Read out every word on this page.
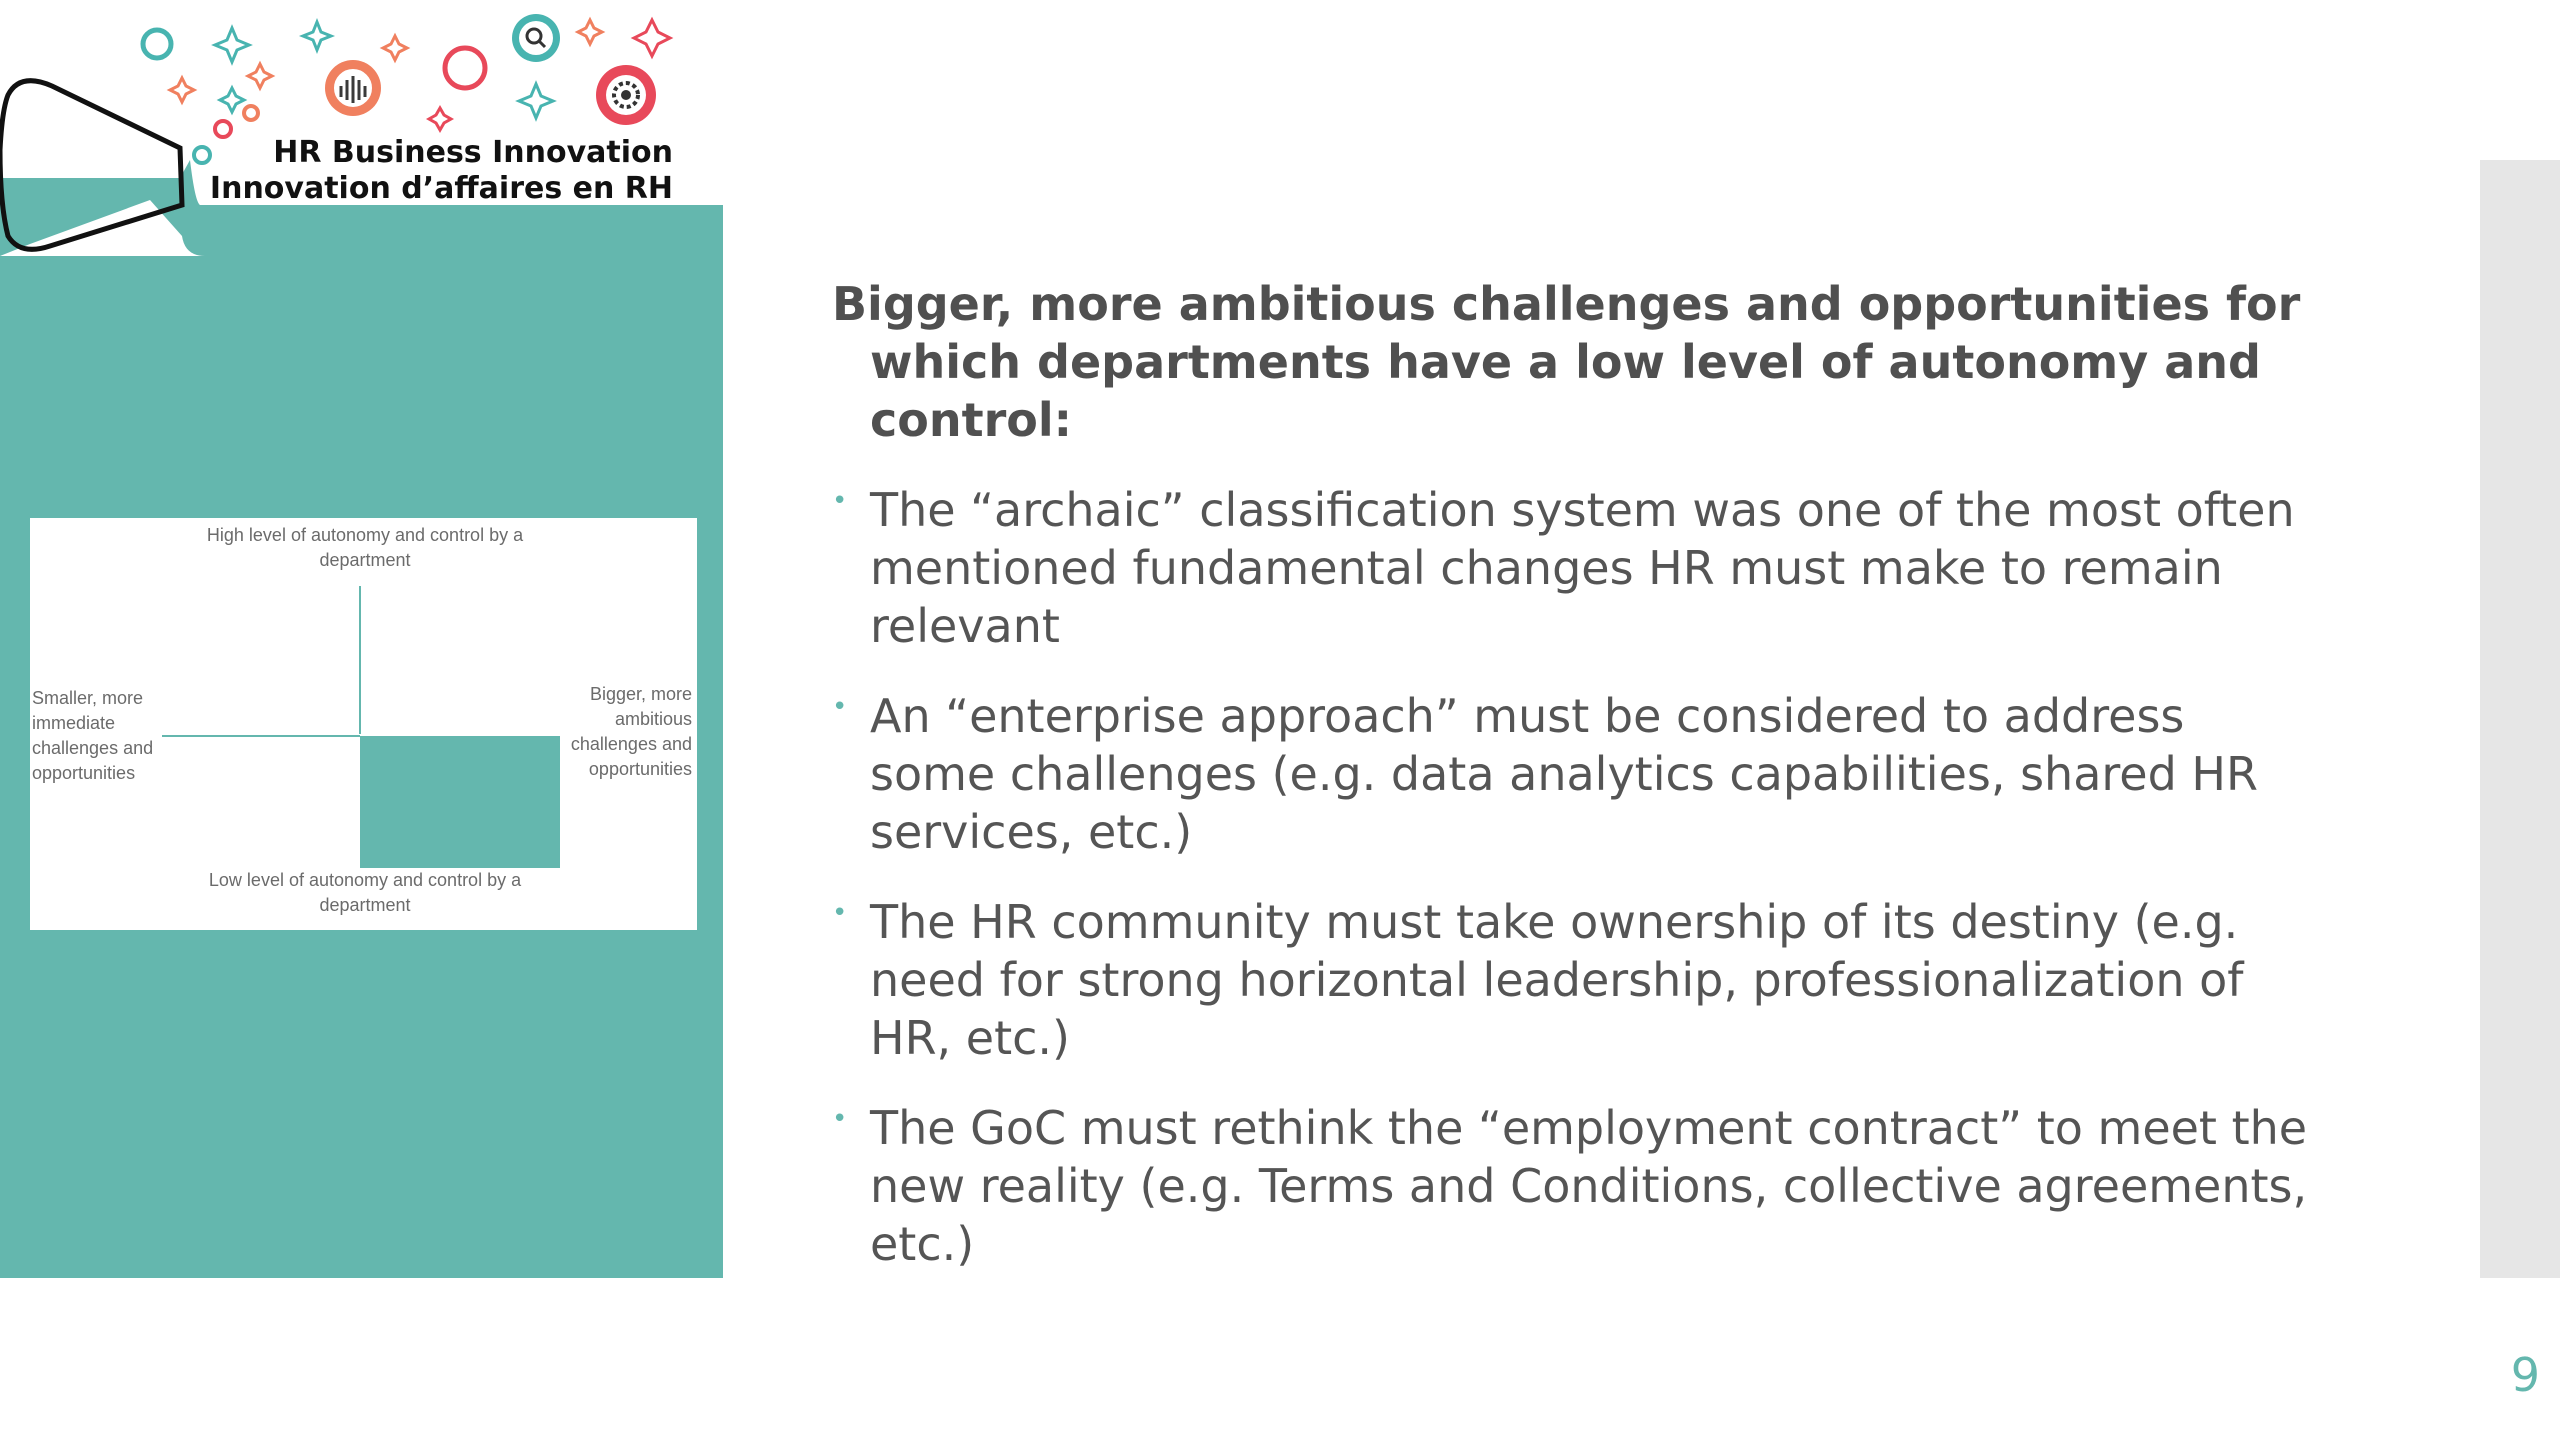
HR Business Innovation
Innovation d’affaires en RH
High level of autonomy and control by a department
Low level of autonomy and control by a department
Smaller, more immediate challenges and opportunities
Bigger, more ambitious challenges and opportunities

Bigger, more ambitious challenges and opportunities for which departments have a low level of autonomy and control:

• The “archaic” classification system was one of the most often mentioned fundamental changes HR must make to remain relevant
• An “enterprise approach” must be considered to address some challenges (e.g. data analytics capabilities, shared HR services, etc.)
• The HR community must take ownership of its destiny (e.g. need for strong horizontal leadership, professionalization of HR, etc.)
• The GoC must rethink the “employment contract” to meet the new reality (e.g. Terms and Conditions, collective agreements, etc.)
9
